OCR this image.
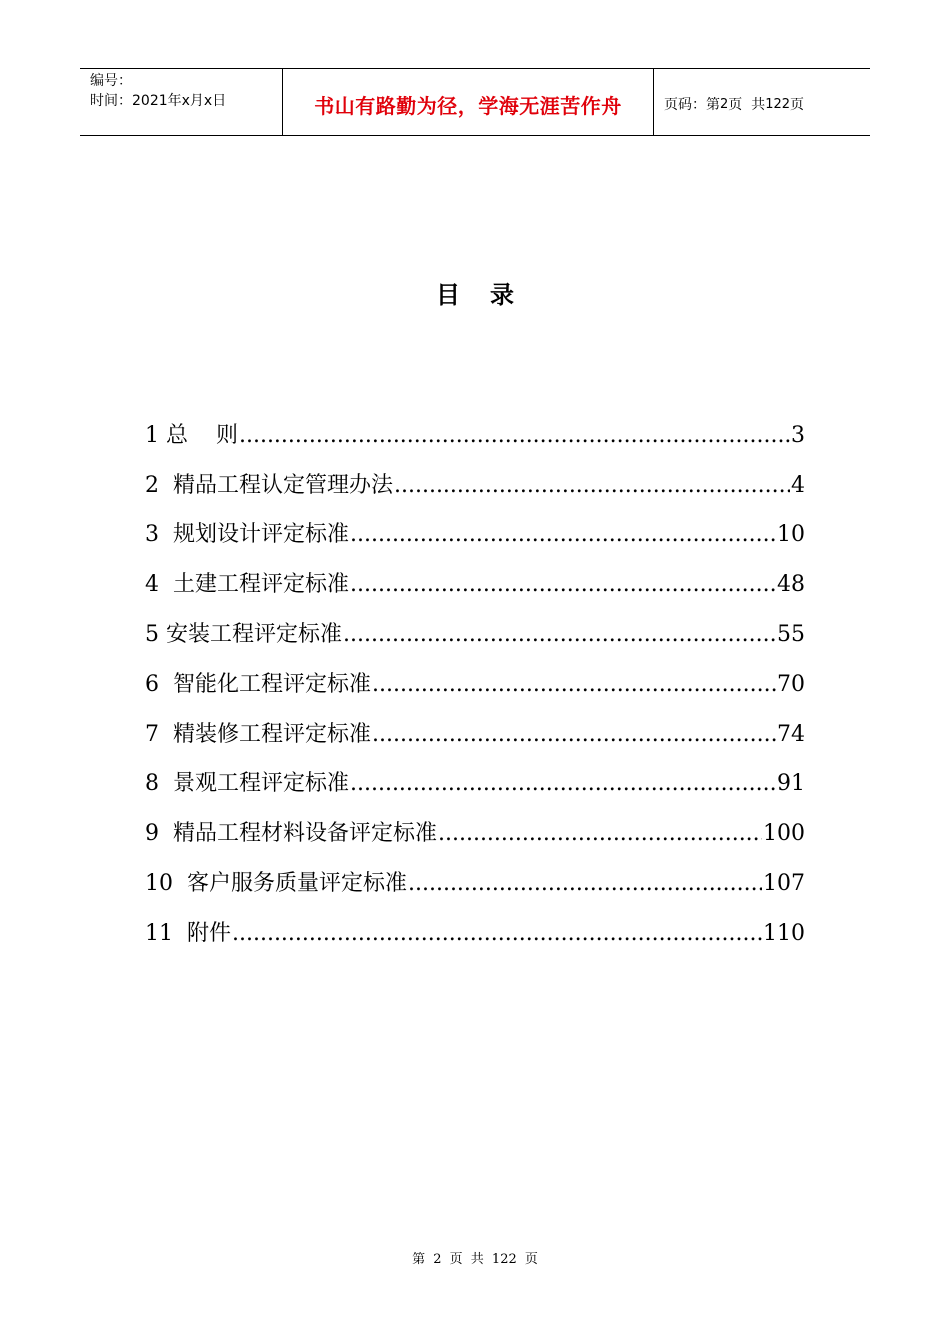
编号：
时间：2021年x月x日	书山有路勤为径，学海无涯苦作舟	页码：第 2 页  共 122 页
目录
1 总    则 .....	3
2  精品工程认定管理办法 .....	4
3  规划设计评定标准 .....	10
4  土建工程评定标准 .....	48
5 安装工程评定标准 .....	55
6  智能化工程评定标准 .....	70
7  精装修工程评定标准 .....	74
8  景观工程评定标准 .....	91
9  精品工程材料设备评定标准 .....	100
10  客户服务质量评定标准 .....	107
11  附件 .....	110
第 2 页 共 122 页
